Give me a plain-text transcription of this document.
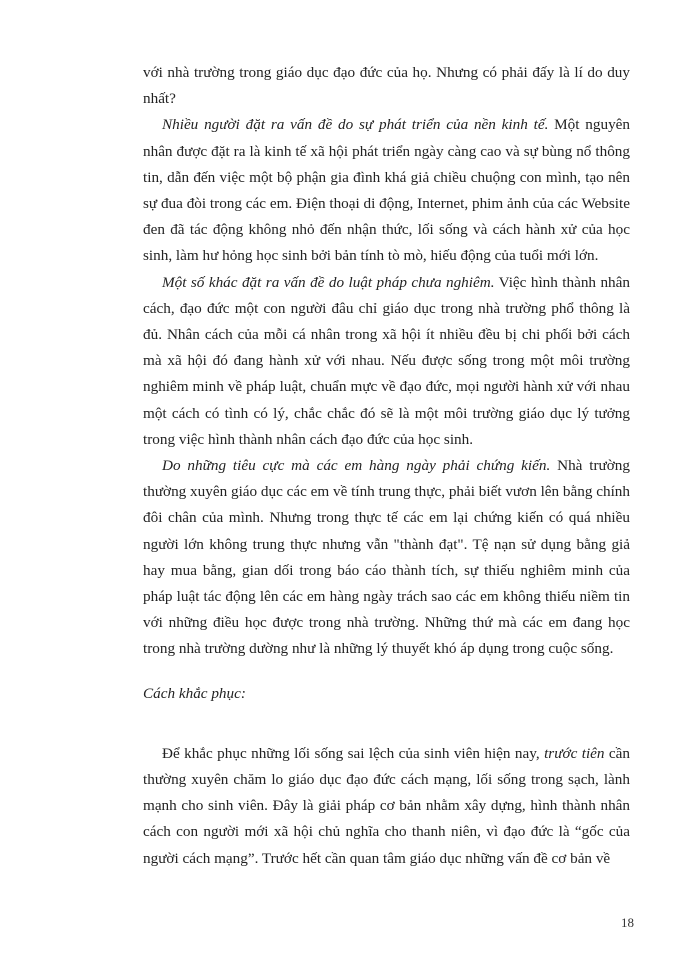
với nhà trường trong giáo dục đạo đức của họ. Nhưng có phải đấy là lí do duy nhất?

Nhiều người đặt ra vấn đề do sự phát triển của nền kinh tế. Một nguyên nhân được đặt ra là kinh tế xã hội phát triển ngày càng cao và sự bùng nổ thông tin, dẫn đến việc một bộ phận gia đình khá giả chiều chuộng con mình, tạo nên sự đua đòi trong các em. Điện thoại di động, Internet, phim ảnh của các Website đen đã tác động không nhỏ đến nhận thức, lối sống và cách hành xử của học sinh, làm hư hỏng học sinh bởi bản tính tò mò, hiếu động của tuổi mới lớn.

Một số khác đặt ra vấn đề do luật pháp chưa nghiêm. Việc hình thành nhân cách, đạo đức một con người đâu chỉ giáo dục trong nhà trường phổ thông là đủ. Nhân cách của mỗi cá nhân trong xã hội ít nhiều đều bị chi phối bởi cách mà xã hội đó đang hành xử với nhau. Nếu được sống trong một môi trường nghiêm minh về pháp luật, chuẩn mực về đạo đức, mọi người hành xử với nhau một cách có tình có lý, chắc chắc đó sẽ là một môi trường giáo dục lý tưởng trong việc hình thành nhân cách đạo đức của học sinh.

Do những tiêu cực mà các em hàng ngày phải chứng kiến. Nhà trường thường xuyên giáo dục các em về tính trung thực, phải biết vươn lên bằng chính đôi chân của mình. Nhưng trong thực tế các em lại chứng kiến có quá nhiều người lớn không trung thực nhưng vẫn "thành đạt". Tệ nạn sử dụng bằng giả hay mua bằng, gian dối trong báo cáo thành tích, sự thiếu nghiêm minh của pháp luật tác động lên các em hàng ngày trách sao các em không thiếu niềm tin với những điều học được trong nhà trường. Những thứ mà các em đang học trong nhà trường dường như là những lý thuyết khó áp dụng trong cuộc sống.

Cách khắc phục:

Để khắc phục những lối sống sai lệch của sinh viên hiện nay, trước tiên cần thường xuyên chăm lo giáo dục đạo đức cách mạng, lối sống trong sạch, lành mạnh cho sinh viên. Đây là giải pháp cơ bản nhằm xây dựng, hình thành nhân cách con người mới xã hội chủ nghĩa cho thanh niên, vì đạo đức là “gốc của người cách mạng”. Trước hết cần quan tâm giáo dục những vấn đề cơ bản về

18
